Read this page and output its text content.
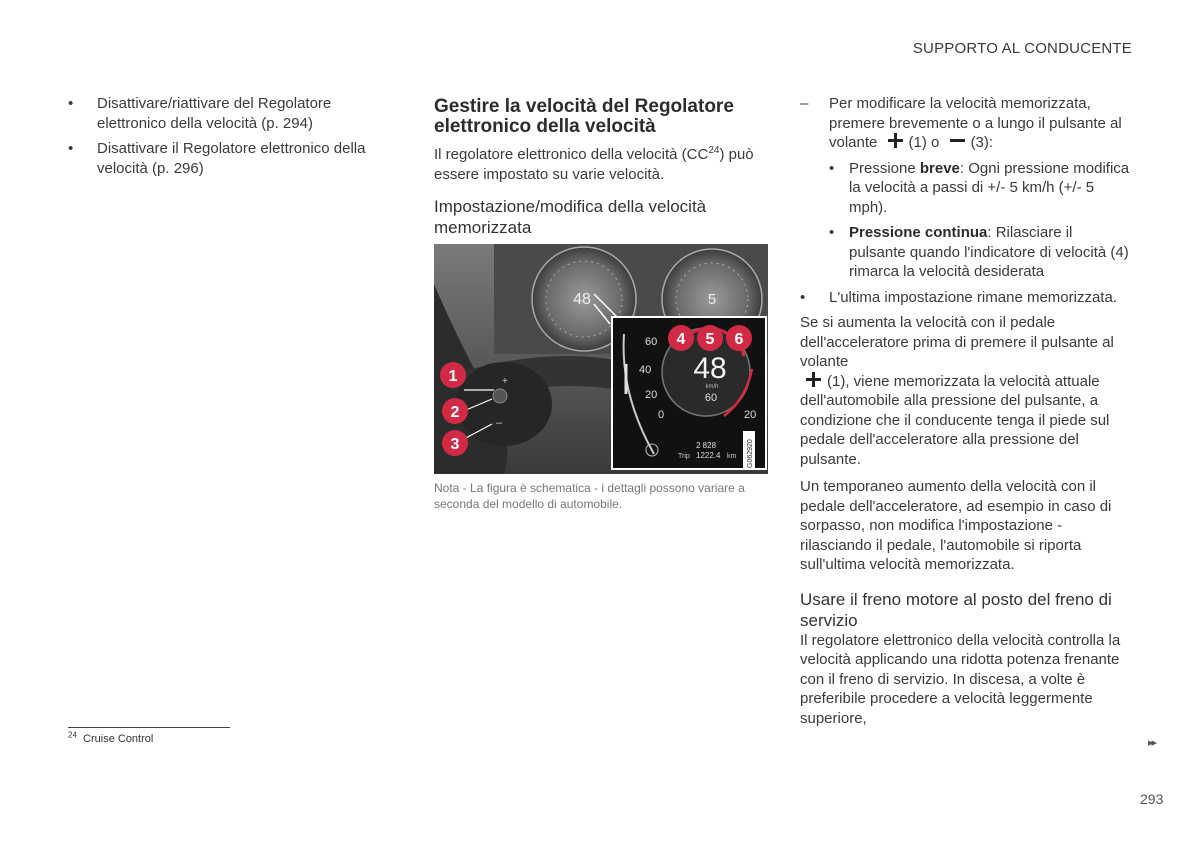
SUPPORTO AL CONDUCENTE
• Disattivare/riattivare del Regolatore elettronico della velocità (p. 294)
• Disattivare il Regolatore elettronico della velocità (p. 296)
Gestire la velocità del Regolatore elettronico della velocità

Il regolatore elettronico della velocità (CC$^{24}$) può essere impostato su varie velocità.

Impostazione/modifica della velocità memorizzata
48	5
+
–
48
km/h
60
60
40
20
0	20
2 828
Trip 1222.4 km G062920
1
2
3
4 5 6
Nota - La figura è schematica - i dettagli possono variare a seconda del modello di automobile.
– Per modificare la velocità memorizzata, premere brevemente o a lungo il pulsante al volante (1) o (3):
• Pressione breve: Ogni pressione modifica la velocità a passi di +/- 5 km/h (+/- 5 mph).
• Pressione continua: Rilasciare il pulsante quando l'indicatore di velocità (4) rimarca la velocità desiderata
• L'ultima impostazione rimane memorizzata.

Se si aumenta la velocità con il pedale dell'acceleratore prima di premere il pulsante al volante
(1), viene memorizzata la velocità attuale dell'automobile alla pressione del pulsante, a condizione che il conducente tenga il piede sul pedale dell'acceleratore alla pressione del pulsante.

Un temporaneo aumento della velocità con il pedale dell'acceleratore, ad esempio in caso di sorpasso, non modifica l'impostazione - rilasciando il pedale, l'automobile si riporta sull'ultima velocità memorizzata.

Usare il freno motore al posto del freno di servizio

Il regolatore elettronico della velocità controlla la velocità applicando una ridotta potenza frenante con il freno di servizio. In discesa, a volte è preferibile procedere a velocità leggermente superiore,

$^{24}$ Cruise Control	▸▸
293
